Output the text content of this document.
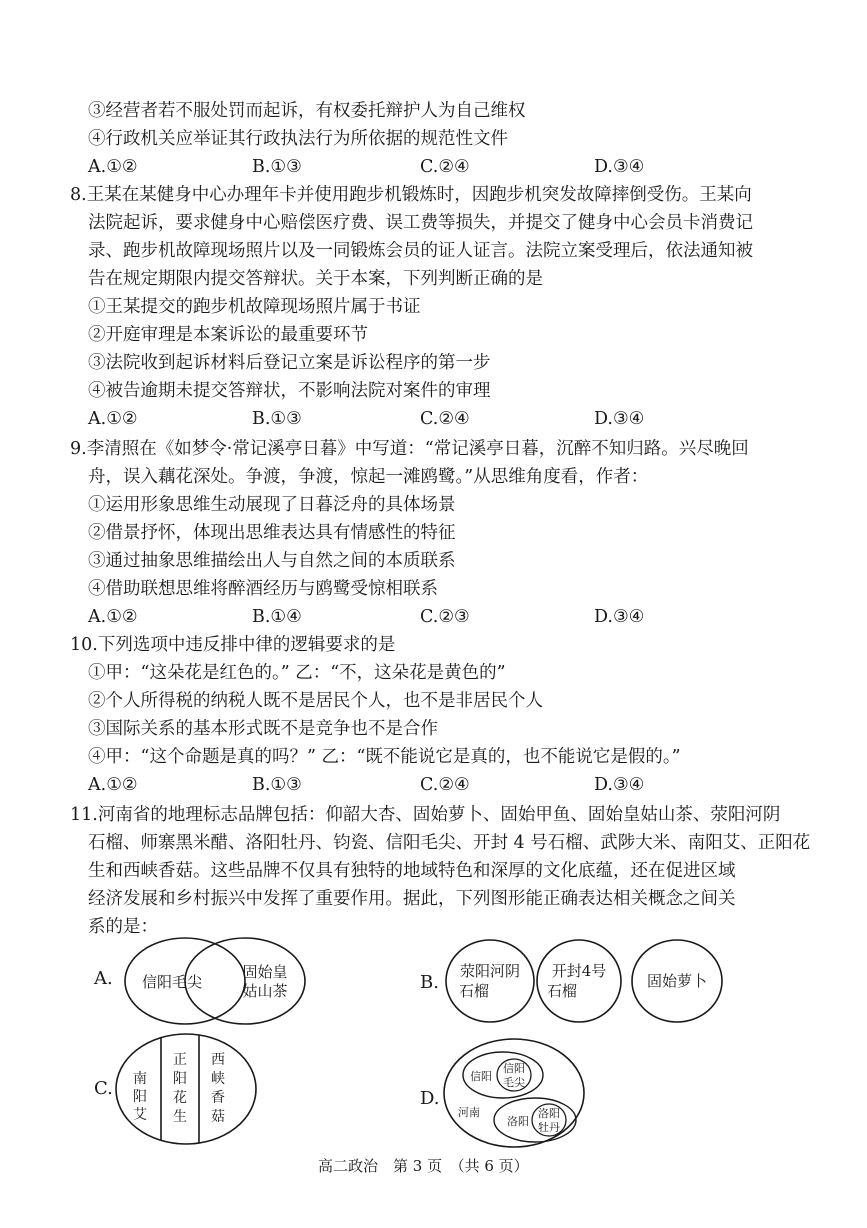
③经营者若不服处罚而起诉，有权委托辩护人为自己维权
④行政机关应举证其行政执法行为所依据的规范性文件
A.①②	B.①③	C.②④	D.③④
8.王某在某健身中心办理年卡并使用跑步机锻炼时，因跑步机突发故障摔倒受伤。王某向
法院起诉，要求健身中心赔偿医疗费、误工费等损失，并提交了健身中心会员卡消费记
录、跑步机故障现场照片以及一同锻炼会员的证人证言。法院立案受理后，依法通知被
告在规定期限内提交答辩状。关于本案，下列判断正确的是
①王某提交的跑步机故障现场照片属于书证
②开庭审理是本案诉讼的最重要环节
③法院收到起诉材料后登记立案是诉讼程序的第一步
④被告逾期未提交答辩状，不影响法院对案件的审理
A.①②	B.①③	C.②④	D.③④
9.李清照在《如梦令·常记溪亭日暮》中写道：“常记溪亭日暮，沉醉不知归路。兴尽晚回
舟，误入藕花深处。争渡，争渡，惊起一滩鸥鹭。”从思维角度看，作者：
①运用形象思维生动展现了日暮泛舟的具体场景
②借景抒怀，体现出思维表达具有情感性的特征
③通过抽象思维描绘出人与自然之间的本质联系
④借助联想思维将醉酒经历与鸥鹭受惊相联系
A.①②	B.①④	C.②③	D.③④
10.下列选项中违反排中律的逻辑要求的是
①甲：“这朵花是红色的。” 乙：“不，这朵花是黄色的”
②个人所得税的纳税人既不是居民个人，也不是非居民个人
③国际关系的基本形式既不是竞争也不是合作
④甲：“这个命题是真的吗？” 乙：“既不能说它是真的，也不能说它是假的。”
A.①②	B.①③	C.②④	D.③④
11.河南省的地理标志品牌包括：仰韶大杏、固始萝卜、固始甲鱼、固始皇姑山茶、荥阳河阴
石榴、师寨黑米醋、洛阳牡丹、钧瓷、信阳毛尖、开封 4 号石榴、武陟大米、南阳艾、正阳花
生和西峡香菇。这些品牌不仅具有独特的地域特色和深厚的文化底蕴，还在促进区域
经济发展和乡村振兴中发挥了重要作用。据此，下列图形能正确表达相关概念之间关
系的是：
A. 信阳毛尖
固始皇
姑山茶	B.
荥阳河阴
石榴
开封4号
石榴
固始萝卜
C. 南
阳
艾
正
阳
花
生
西
峡
香
菇
D.
信阳
信阳
毛尖
河南
洛阳
洛阳
牡丹
高二政治　第 3 页　（共 6 页）
